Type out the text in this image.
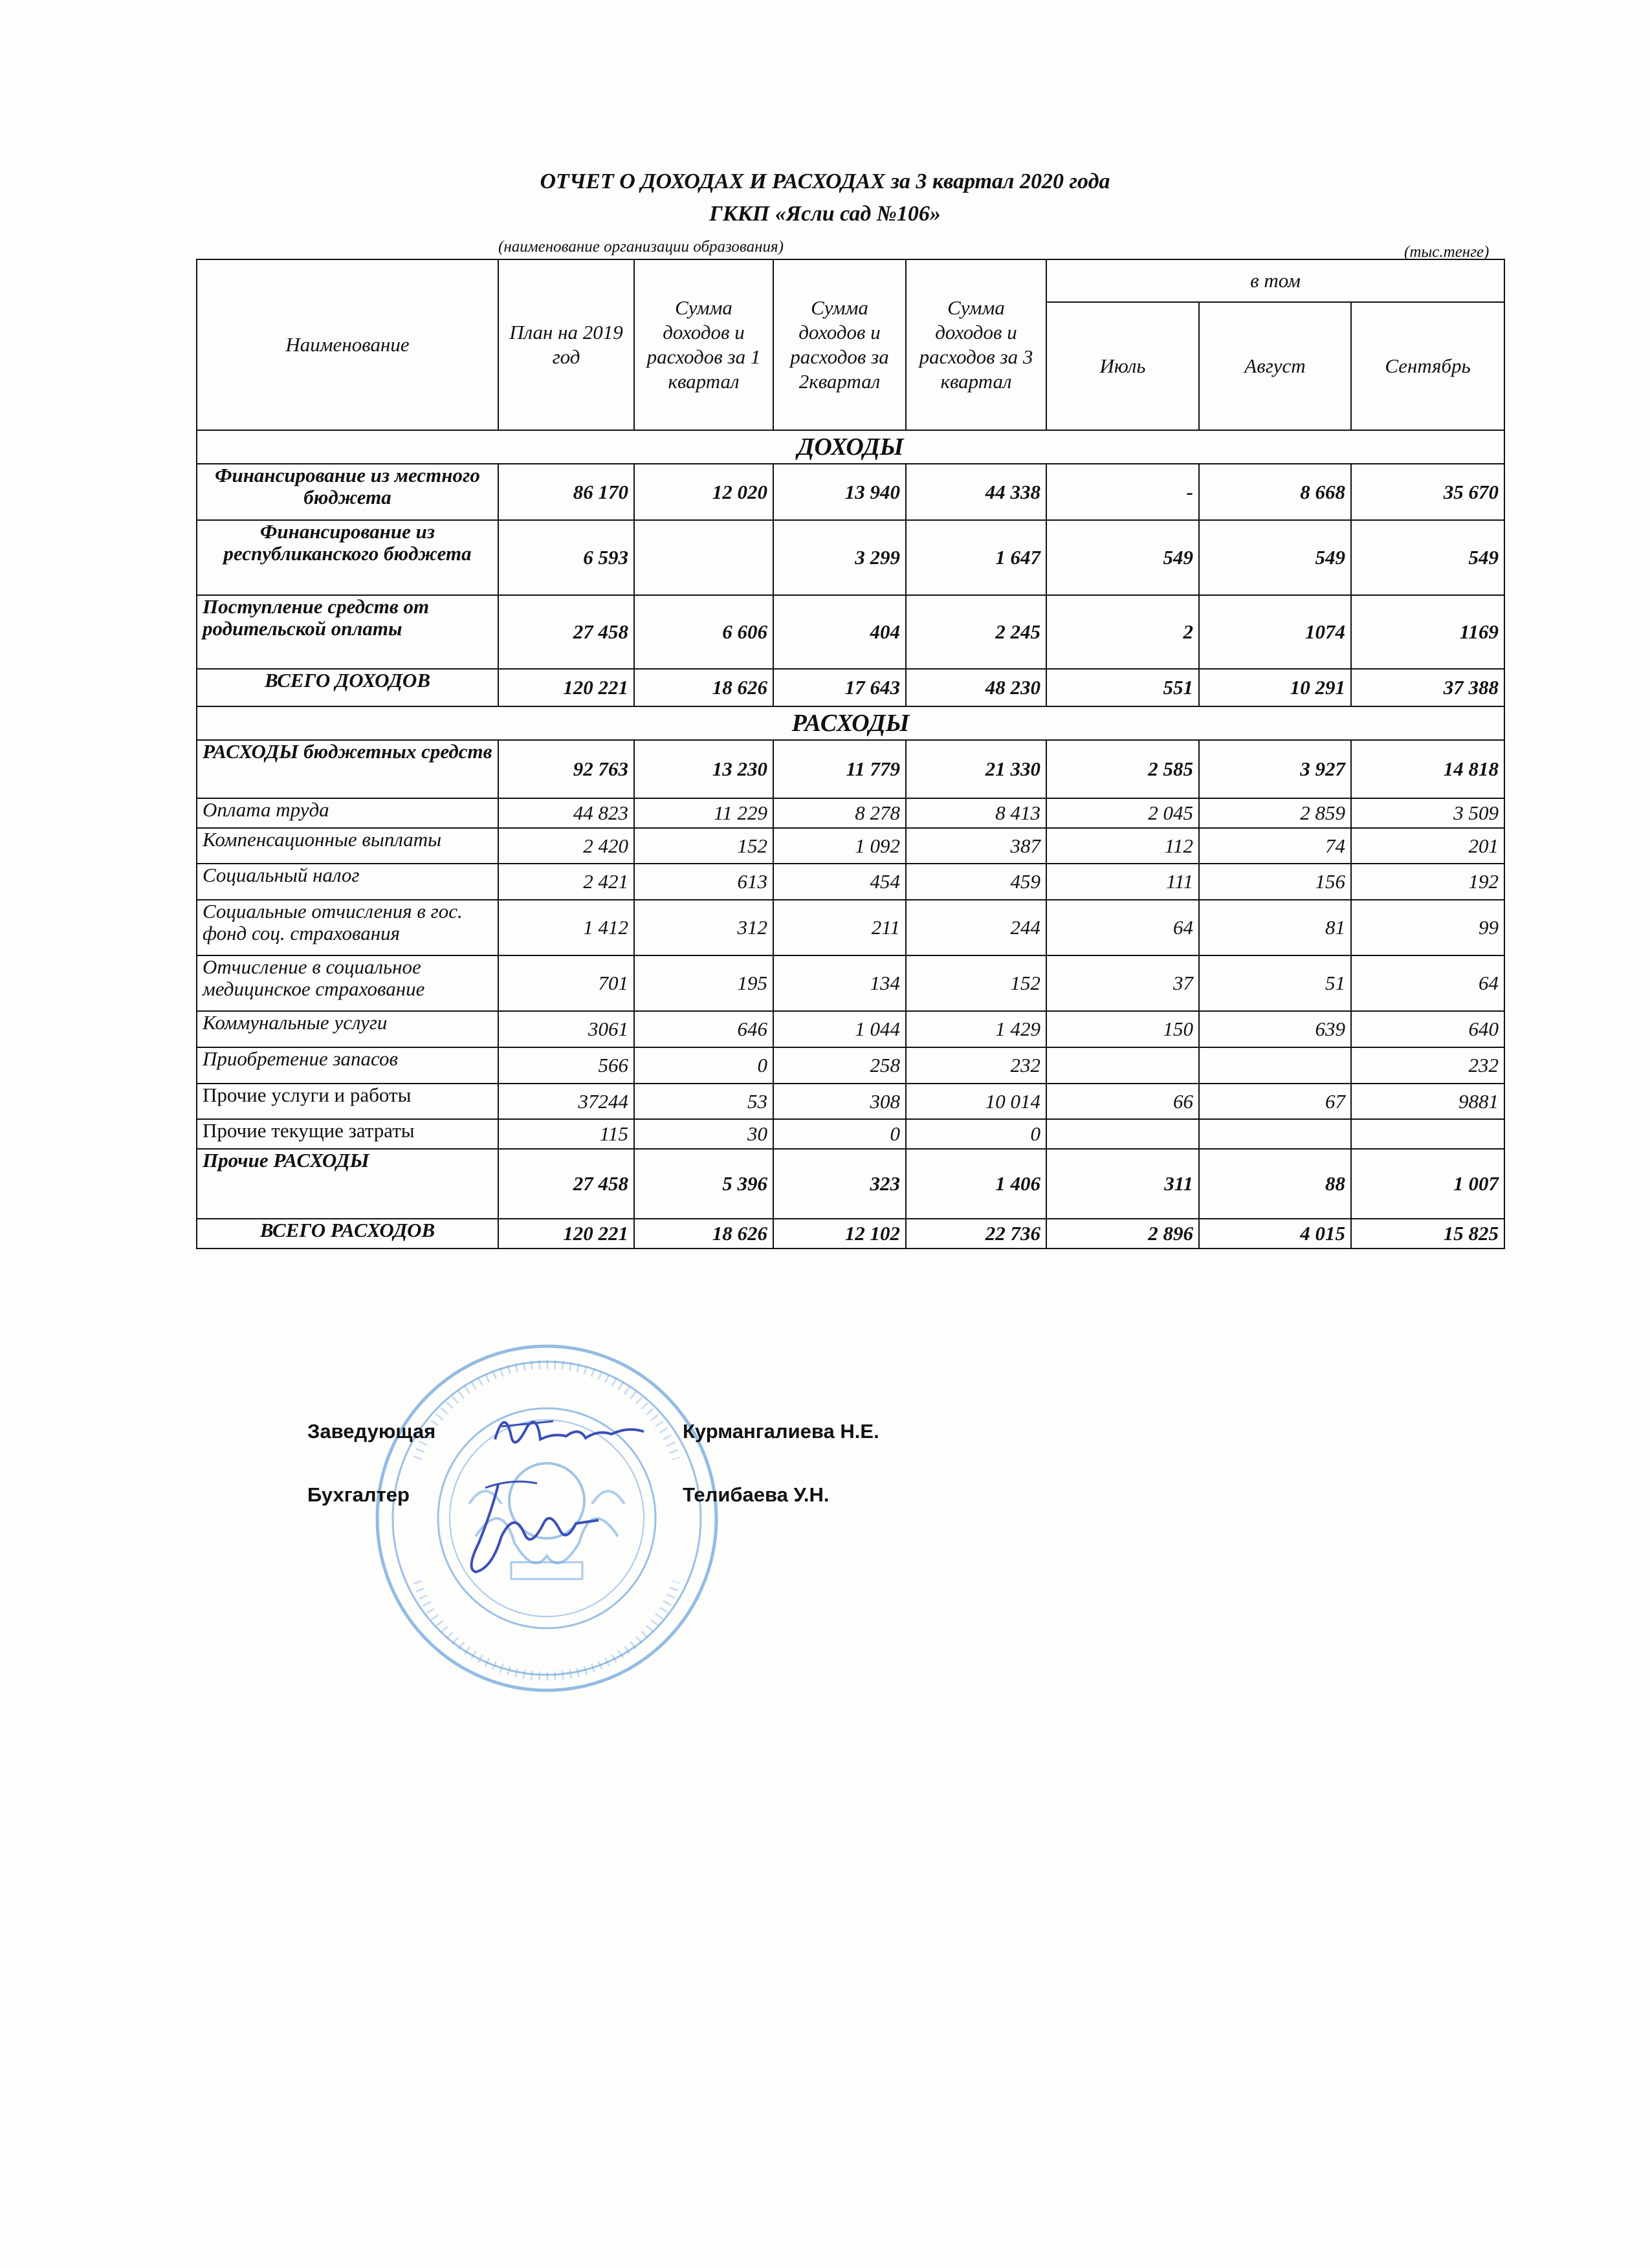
ОТЧЕТ О ДОХОДАХ И РАСХОДАХ за 3 квартал 2020 года
ГККП «Ясли сад №106»
(наименование организации образования)	(тыс.тенге)
Наименование	План на 2019 год	Сумма доходов и расходов за 1 квартал	Сумма доходов и расходов за 2квартал	Сумма доходов и расходов за 3 квартал	в том		
					Июль	Август	Сентябрь
ДОХОДЫ							
Финансирование из местного бюджета	86 170	12 020	13 940	44 338	-	8 668	35 670
Финансирование из республиканского бюджета	6 593		3 299	1 647	549	549	549
Поступление средств от родительской оплаты	27 458	6 606	404	2 245	2	1074	1169
ВСЕГО ДОХОДОВ	120 221	18 626	17 643	48 230	551	10 291	37 388
РАСХОДЫ							
РАСХОДЫ бюджетных средств	92 763	13 230	11 779	21 330	2 585	3 927	14 818
Оплата труда	44 823	11 229	8 278	8 413	2 045	2 859	3 509
Компенсационные выплаты	2 420	152	1 092	387	112	74	201
Социальный налог	2 421	613	454	459	111	156	192
Социальные отчисления в гос. фонд соц. страхования	1 412	312	211	244	64	81	99
Отчисление в социальное медицинское страхование	701	195	134	152	37	51	64
Коммунальные услуги	3061	646	1 044	1 429	150	639	640
Приобретение запасов	566	0	258	232			232
Прочие услуги и работы	37244	53	308	10 014	66	67	9881
Прочие текущие затраты	115	30	0	0			
Прочие РАСХОДЫ	27 458	5 396	323	1 406	311	88	1 007
ВСЕГО РАСХОДОВ	120 221	18 626	12 102	22 736	2 896	4 015	15 825
Заведующая	Курмангалиева Н.Е.
Бухгалтер	Телибаева У.Н.
